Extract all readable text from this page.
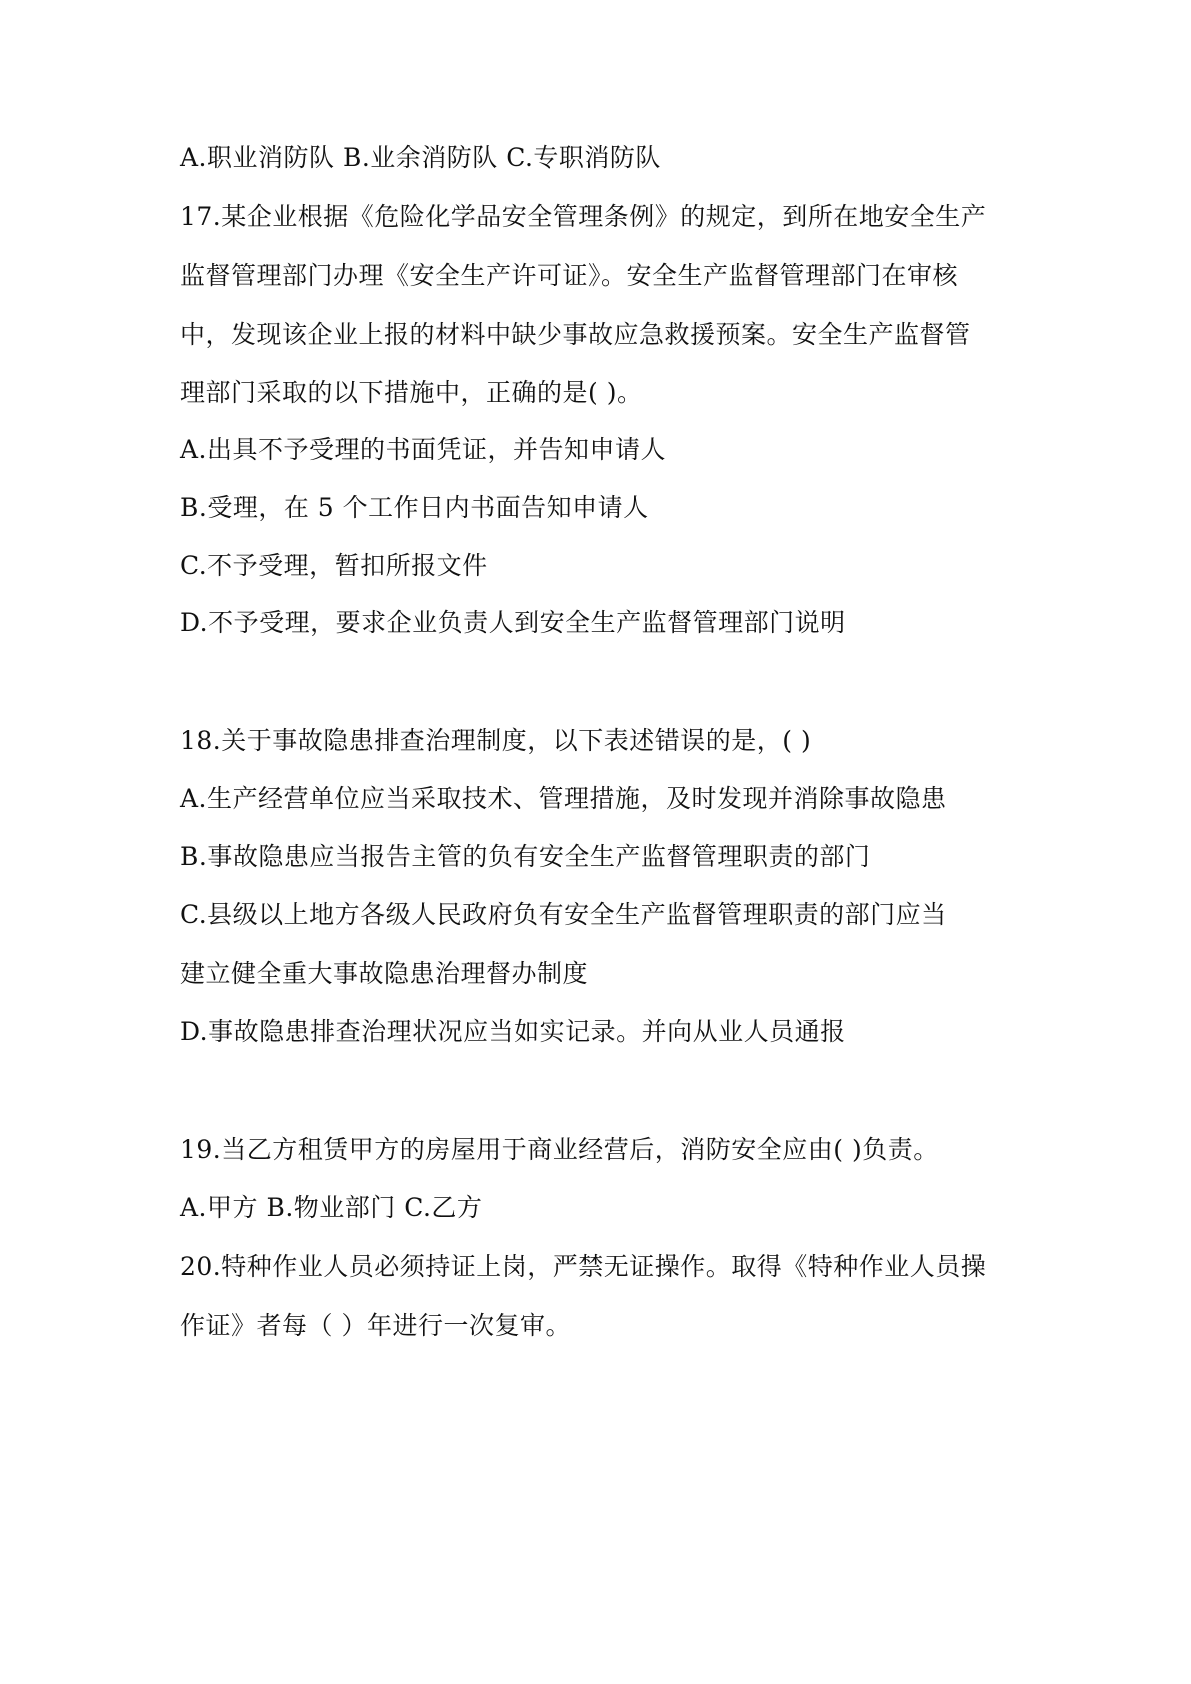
A.职业消防队 B.业余消防队 C.专职消防队
17.某企业根据《危险化学品安全管理条例》的规定，到所在地安全生产
监督管理部门办理《安全生产许可证》。安全生产监督管理部门在审核
中，发现该企业上报的材料中缺少事故应急救援预案。安全生产监督管
理部门采取的以下措施中，正确的是( )。
A.出具不予受理的书面凭证，并告知申请人
B.受理，在 5 个工作日内书面告知申请人
C.不予受理，暂扣所报文件
D.不予受理，要求企业负责人到安全生产监督管理部门说明
18.关于事故隐患排查治理制度，以下表述错误的是，( )
A.生产经营单位应当采取技术、管理措施，及时发现并消除事故隐患
B.事故隐患应当报告主管的负有安全生产监督管理职责的部门
C.县级以上地方各级人民政府负有安全生产监督管理职责的部门应当
建立健全重大事故隐患治理督办制度
D.事故隐患排查治理状况应当如实记录。并向从业人员通报
19.当乙方租赁甲方的房屋用于商业经营后，消防安全应由( )负责。
A.甲方 B.物业部门 C.乙方
20.特种作业人员必须持证上岗，严禁无证操作。取得《特种作业人员操
作证》者每（ ）年进行一次复审。
